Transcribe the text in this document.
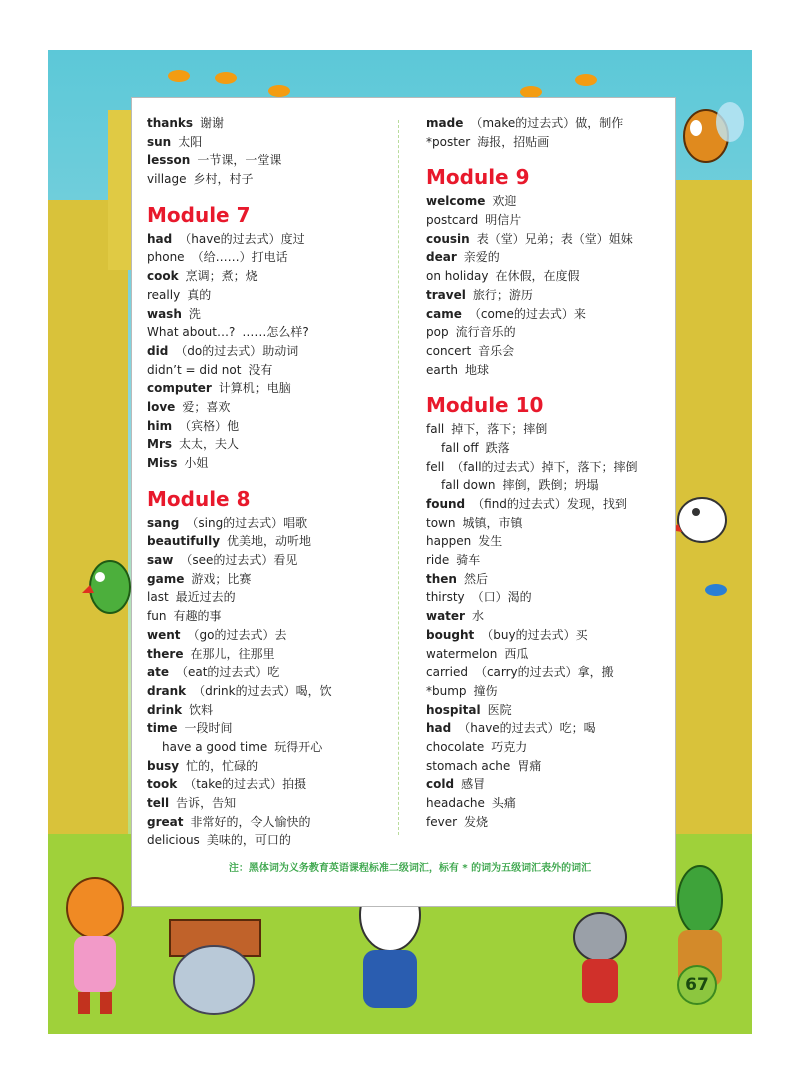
thanks 谢谢
sun 太阳
lesson 一节课，一堂课
village 乡村，村子
Module 7
had （have的过去式）度过
phone （给……）打电话
cook 烹调；煮；烧
really 真的
wash 洗
What about…? ……怎么样?
did （do的过去式）助动词
didn’t = did not 没有
computer 计算机；电脑
love 爱；喜欢
him （宾格）他
Mrs 太太，夫人
Miss 小姐
Module 8
sang （sing的过去式）唱歌
beautifully 优美地，动听地
saw （see的过去式）看见
game 游戏；比赛
last 最近过去的
fun 有趣的事
went （go的过去式）去
there 在那儿，往那里
ate （eat的过去式）吃
drank （drink的过去式）喝，饮
drink 饮料
time 一段时间
have a good time 玩得开心
busy 忙的，忙碌的
took （take的过去式）拍摄
tell 告诉，告知
great 非常好的，令人愉快的
delicious 美味的，可口的
made （make的过去式）做，制作
*poster 海报，招贴画
Module 9
welcome 欢迎
postcard 明信片
cousin 表（堂）兄弟；表（堂）姐妹
dear 亲爱的
on holiday 在休假，在度假
travel 旅行；游历
came （come的过去式）来
pop 流行音乐的
concert 音乐会
earth 地球
Module 10
fall 掉下，落下；摔倒
fall off 跌落
fell （fall的过去式）掉下，落下；摔倒
fall down 摔倒，跌倒；坍塌
found （find的过去式）发现，找到
town 城镇，市镇
happen 发生
ride 骑车
then 然后
thirsty （口）渴的
water 水
bought （buy的过去式）买
watermelon 西瓜
carried （carry的过去式）拿，搬
*bump 撞伤
hospital 医院
had （have的过去式）吃；喝
chocolate 巧克力
stomach ache 胃痛
cold 感冒
headache 头痛
fever 发烧
注：黑体词为义务教育英语课程标准二级词汇，标有 * 的词为五级词汇表外的词汇
67
